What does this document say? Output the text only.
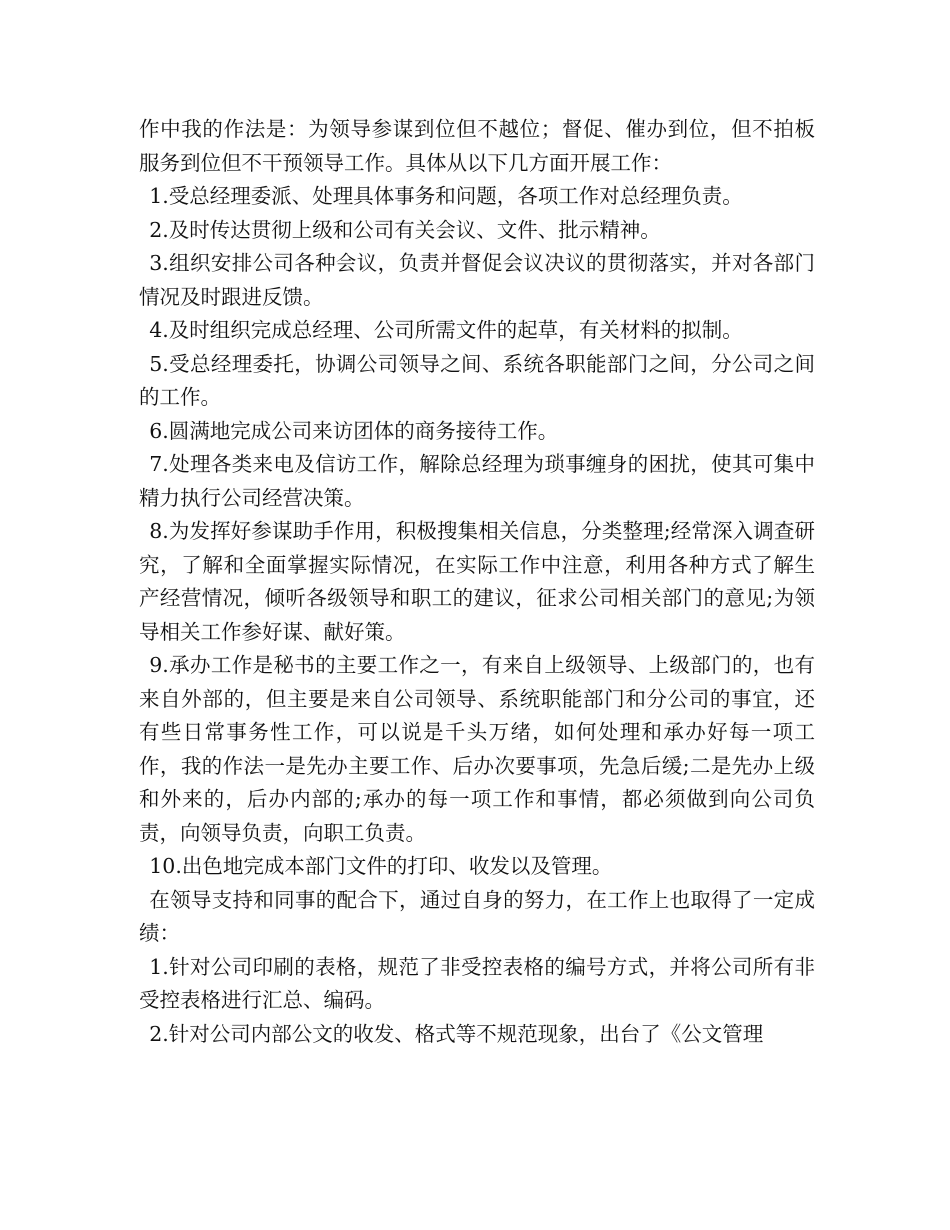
作中我的作法是：为领导参谋到位但不越位；督促、催办到位，但不拍板服务到位但不干预领导工作。具体从以下几方面开展工作：

1.受总经理委派、处理具体事务和问题，各项工作对总经理负责。

2.及时传达贯彻上级和公司有关会议、文件、批示精神。

3.组织安排公司各种会议，负责并督促会议决议的贯彻落实，并对各部门情况及时跟进反馈。

4.及时组织完成总经理、公司所需文件的起草，有关材料的拟制。

5.受总经理委托，协调公司领导之间、系统各职能部门之间，分公司之间的工作。

6.圆满地完成公司来访团体的商务接待工作。

7.处理各类来电及信访工作，解除总经理为琐事缠身的困扰，使其可集中精力执行公司经营决策。

8.为发挥好参谋助手作用，积极搜集相关信息，分类整理;经常深入调查研究，了解和全面掌握实际情况，在实际工作中注意，利用各种方式了解生产经营情况，倾听各级领导和职工的建议，征求公司相关部门的意见;为领导相关工作参好谋、献好策。

9.承办工作是秘书的主要工作之一，有来自上级领导、上级部门的，也有来自外部的，但主要是来自公司领导、系统职能部门和分公司的事宜，还有些日常事务性工作，可以说是千头万绪，如何处理和承办好每一项工作，我的作法一是先办主要工作、后办次要事项，先急后缓;二是先办上级和外来的，后办内部的;承办的每一项工作和事情，都必须做到向公司负责，向领导负责，向职工负责。

10.出色地完成本部门文件的打印、收发以及管理。

在领导支持和同事的配合下，通过自身的努力，在工作上也取得了一定成绩：

1.针对公司印刷的表格，规范了非受控表格的编号方式，并将公司所有非受控表格进行汇总、编码。

2.针对公司内部公文的收发、格式等不规范现象，出台了《公文管理
